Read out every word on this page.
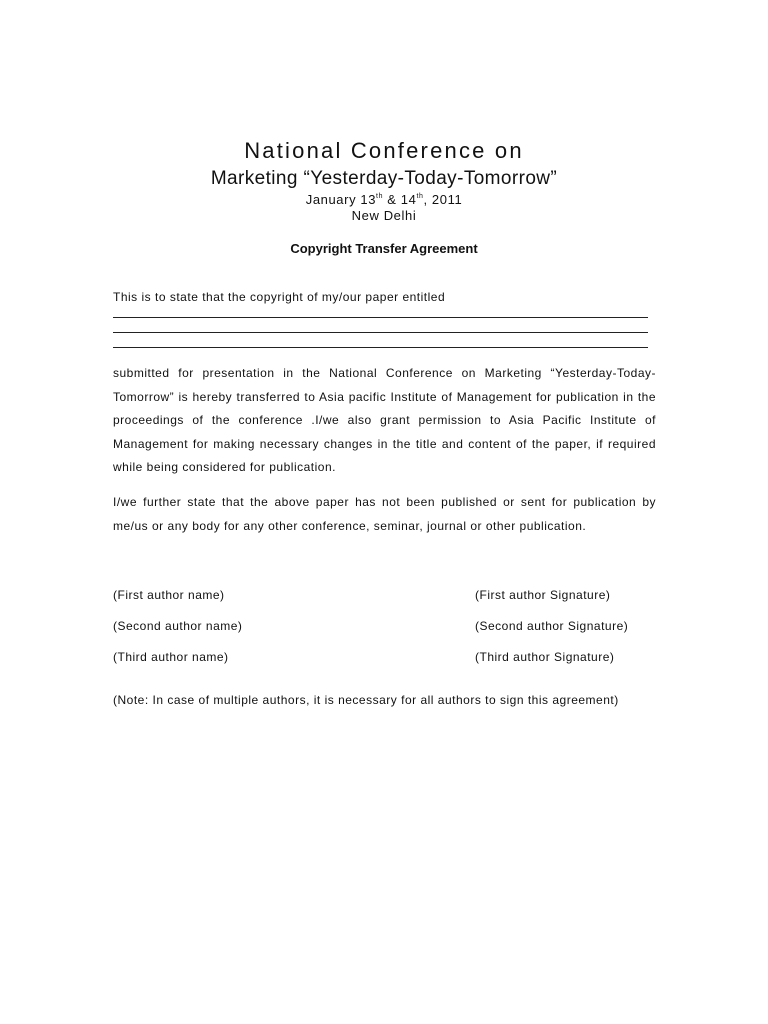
National Conference on
Marketing “Yesterday-Today-Tomorrow”
January 13th & 14th, 2011
New Delhi
Copyright Transfer Agreement
This is to state that the copyright of my/our paper entitled
submitted for presentation in the National Conference on Marketing “Yesterday-Today-Tomorrow” is hereby transferred to Asia pacific Institute of Management for publication in the proceedings of the conference .I/we also grant permission to Asia Pacific Institute of Management for making necessary changes in the title and content of the paper, if required while being considered for publication.
I/we further state that the above paper has not been published or sent for publication by me/us or any body for any other conference, seminar, journal or other publication.
(First author name)	(First author Signature)
(Second author name)	(Second author Signature)
(Third author name)	(Third author Signature)
(Note: In case of multiple authors, it is necessary for all authors to sign this agreement)
